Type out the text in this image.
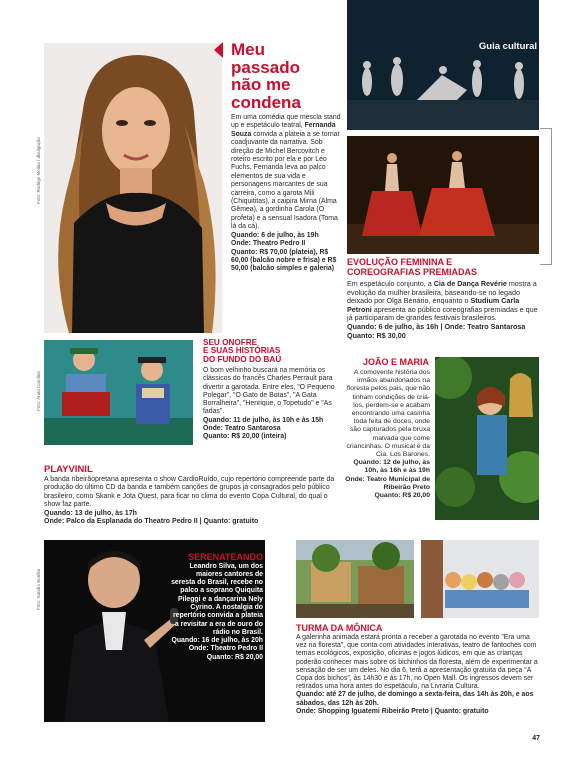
Foto: Rodrigo Molina / divulgação
Meu
passado
não me
condena
Em uma comédia que mescla stand up e espetáculo teatral, Fernanda Souza convida a plateia a se tornar coadjuvante da narrativa. Sob direção de Michel Bercovitch e roteiro escrito por ela e por Léo Fuchs, Fernanda leva ao palco elementos de sua vida e personagens marcantes de sua carreira, como a garota Mili (Chiquititas), a caipira Mirna (Alma Gêmea), a gordinha Carola (O profeta) e a sensual Isadora (Toma lá da cá).
Quando: 6 de julho, às 19h
Onde: Theatro Pedro II
Quanto: R$ 70,00 (plateia), R$ 60,00 (balcão nobre e frisa) e R$ 50,00 (balcão simples e galeria)
Guia cultural
EVOLUÇÃO FEMININA E COREOGRAFIAS PREMIADAS
Em espetáculo conjunto, a Cia de Dança Revérie mostra a evolução da mulher brasileira, baseando-se no legado deixado por Olga Benário, enquanto o Studium Carla Petroni apresenta ao público coreografias premiadas e que já participaram de grandes festivais brasileiros.
Quando: 6 de julho, às 16h | Onde: Teatro Santarosa
Quanto: R$ 30,00
Foto: Anna Carolina
SEU ONOFRE
E SUAS HISTÓRIAS
DO FUNDO DO BAÚ
O bom velhinho buscará na memória os clássicos do francês Charles Perrault para divertir a garotada. Entre eles, "O Pequeno Polegar", "O Gato de Botas", "A Gata Borralheira", "Henrique, o Topetudo" e "As fadas".
Quando: 11 de julho, às 10h e às 15h
Onde: Teatro Santarosa
Quanto: R$ 20,00 (inteira)
JOÃO E MARIA
A comovente história dos irmãos abandonados na floresta pelos pais, que não tinham condições de criá-los, perdem-se e acabam encontrando uma casinha toda feita de doces, onde são capturados pela bruxa malvada que come criancinhas. O musical é da Cia. Los Barones.
Quando: 12 de julho, às 10h, às 16h e às 19h
Onde: Teatro Municipal de Ribeirão Preto
Quanto: R$ 20,00
PLAYVINIL
A banda ribeirãopretana apresenta o show CardioRuído, cujo repertório compreende parte da produção do último CD da banda e também canções de grupos já consagrados pelo público brasileiro, como Skank e Jota Quest, para ficar no clima do evento Copa Cultural, do qual o show faz parte.
Quando: 13 de julho, às 17h
Onde: Palco da Esplanada do Theatro Pedro II | Quanto: gratuito
Foto: Sandro Bonfim
SERENATEANDO
Leandro Silva, um dos maiores cantores de seresta do Brasil, recebe no palco a soprano Quiquita Pileggi e a dançarina Nely Cyrino. A nostalgia do repertório convida a plateia a revisitar a era de ouro do rádio no Brasil.
Quando: 16 de julho, às 20h
Onde: Theatro Pedro II
Quanto: R$ 20,00
TURMA DA MÔNICA
A galerinha animada estará pronta a receber a garotada no evento "Era uma vez na floresta", que conta com atividades interativas, teatro de fantoches com temas ecológicos, exposição, oficinas e jogos lúdicos, em que as crianças poderão conhecer mais sobre os bichinhos da floresta, além de experimentar a sensação de ser um deles. No dia 6, terá a apresentação gratuita da peça "A Copa dos bichos", às 14h30 e às 17h, no Open Mall. Os ingressos devem ser retirados uma hora antes do espetáculo, na Livraria Cultura.
Quando: até 27 de julho, de domingo a sexta-feira, das 14h às 20h, e aos sábados, das 12h às 20h.
Onde: Shopping Iguatemi Ribeirão Preto | Quanto: gratuito
47
